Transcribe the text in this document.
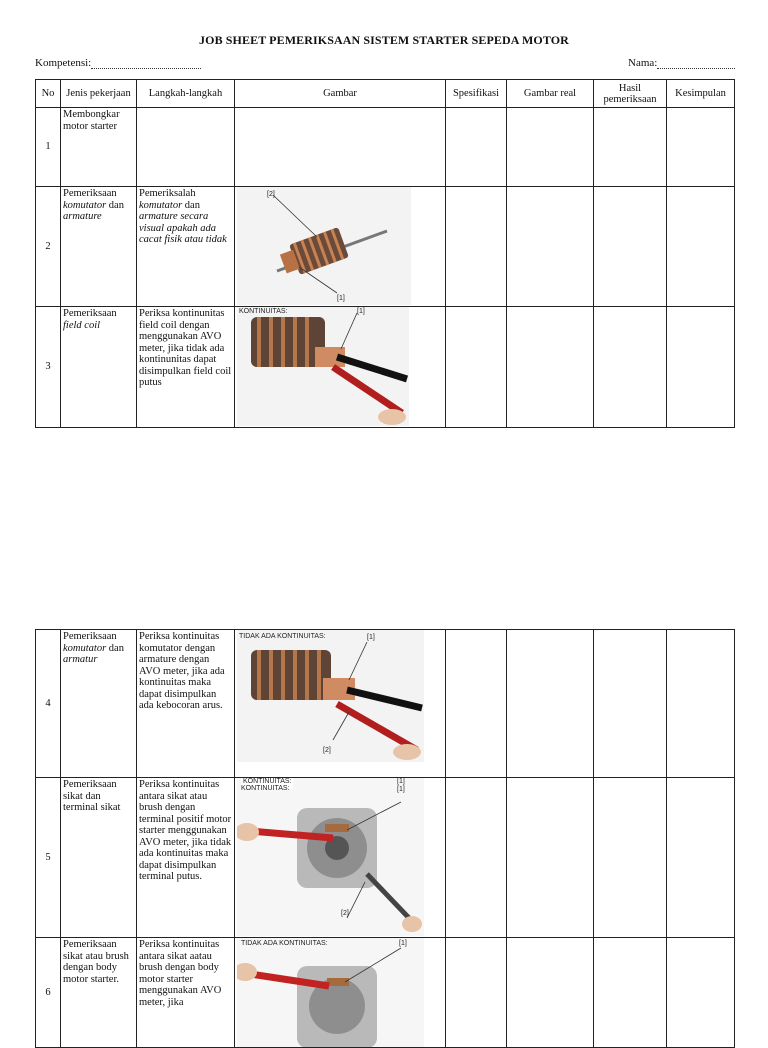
JOB SHEET PEMERIKSAAN SISTEM STARTER SEPEDA MOTOR
Kompetensi:	Nama:
No	Jenis pekerjaan	Langkah-langkah	Gambar	Spesifikasi	Gambar real	Hasil pemeriksaan	Kesimpulan
1	Membongkar motor starter						
2	Pemeriksaan komutator dan armature	Pemeriksalah komutator dan armature secara visual apakah ada cacat fisik atau tidak	[2]
[1]				

3	Pemeriksaan field coil	Periksa kontinunitas field coil dengan menggunakan AVO meter, jika tidak ada kontinunitas dapat disimpulkan field coil putus	KONTINUITAS: [1]				

4	Pemeriksaan komutator dan armatur	Periksa kontinuitas komutator dengan armature dengan AVO meter, jika ada kontinuitas maka dapat disimpulkan ada kebocoran arus.	TIDAK ADA KONTINUITAS: [1]
[2]				

5	Pemeriksaan sikat dan terminal sikat	Periksa kontinuitas antara sikat atau brush dengan terminal positif motor starter menggunakan AVO meter, jika tidak ada kontinuitas maka dapat disimpulkan terminal putus.	KONTINUITAS: [1]
KONTINUITAS: [1]
[2]				

6	Pemeriksaan sikat atau brush dengan body motor starter.	Periksa kontinuitas antara sikat aatau brush dengan body motor starter menggunakan AVO meter, jika	TIDAK ADA KONTINUITAS: [1]				
